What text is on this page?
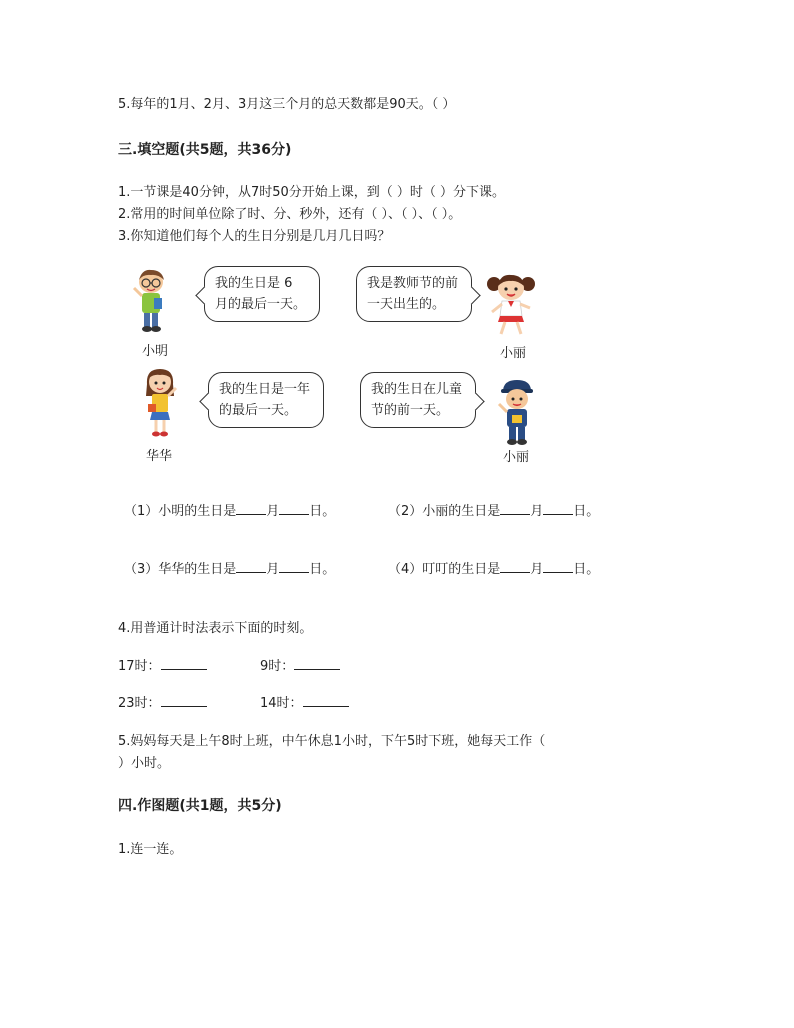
5.每年的1月、2月、3月这三个月的总天数都是90天。（ ）
三.填空题(共5题，共36分)
1.一节课是40分钟，从7时50分开始上课，到（ ）时（ ）分下课。
2.常用的时间单位除了时、分、秒外，还有（ ）、（ ）、（ ）。
3.你知道他们每个人的生日分别是几月几日吗？
小明
我的生日是 6 月的最后一天。
我是教师节的前一天出生的。
小丽
华华
我的生日是一年的最后一天。
我的生日在儿童节的前一天。
小丽
（1）小明的生日是 月 日。	（2）小丽的生日是 月 日。
（3）华华的生日是 月 日。	（4）叮叮的生日是 月 日。
4.用普通计时法表示下面的时刻。
17时：	9时：
23时：	14时：
5.妈妈每天是上午8时上班，中午休息1小时，下午5时下班，她每天工作（
）小时。
四.作图题(共1题，共5分)
1.连一连。
